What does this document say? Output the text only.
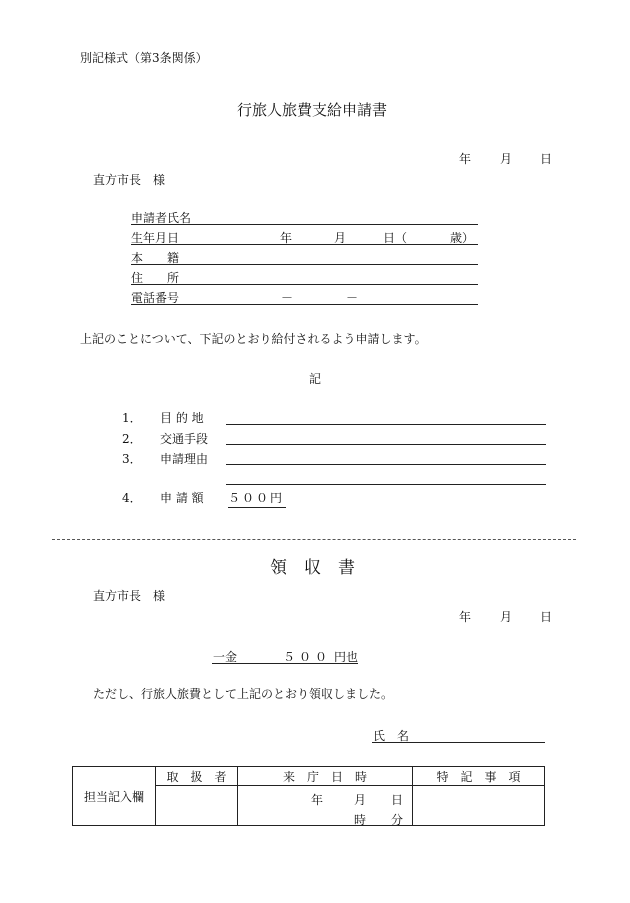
別記様式（第3条関係）
行旅人旅費支給申請書
年 月 日
直方市長　様
申請者氏名
生年月日	年	月	日（	歳）
本　　籍
住　　所
電話番号	－	－
上記のことについて、下記のとおり給付されるよう申請します。
記
1． 目 的 地
2． 交通手段
3． 申請理由
4． 申 請 額 ５００円
領　収　書
直方市長　様
年 月 日
一金	５００ 円也
ただし、行旅人旅費として上記のとおり領収しました。
氏　名
担当記入欄	取　扱　者	来　庁　日　時	特　記　事　項

		年 月 日
時 分	
